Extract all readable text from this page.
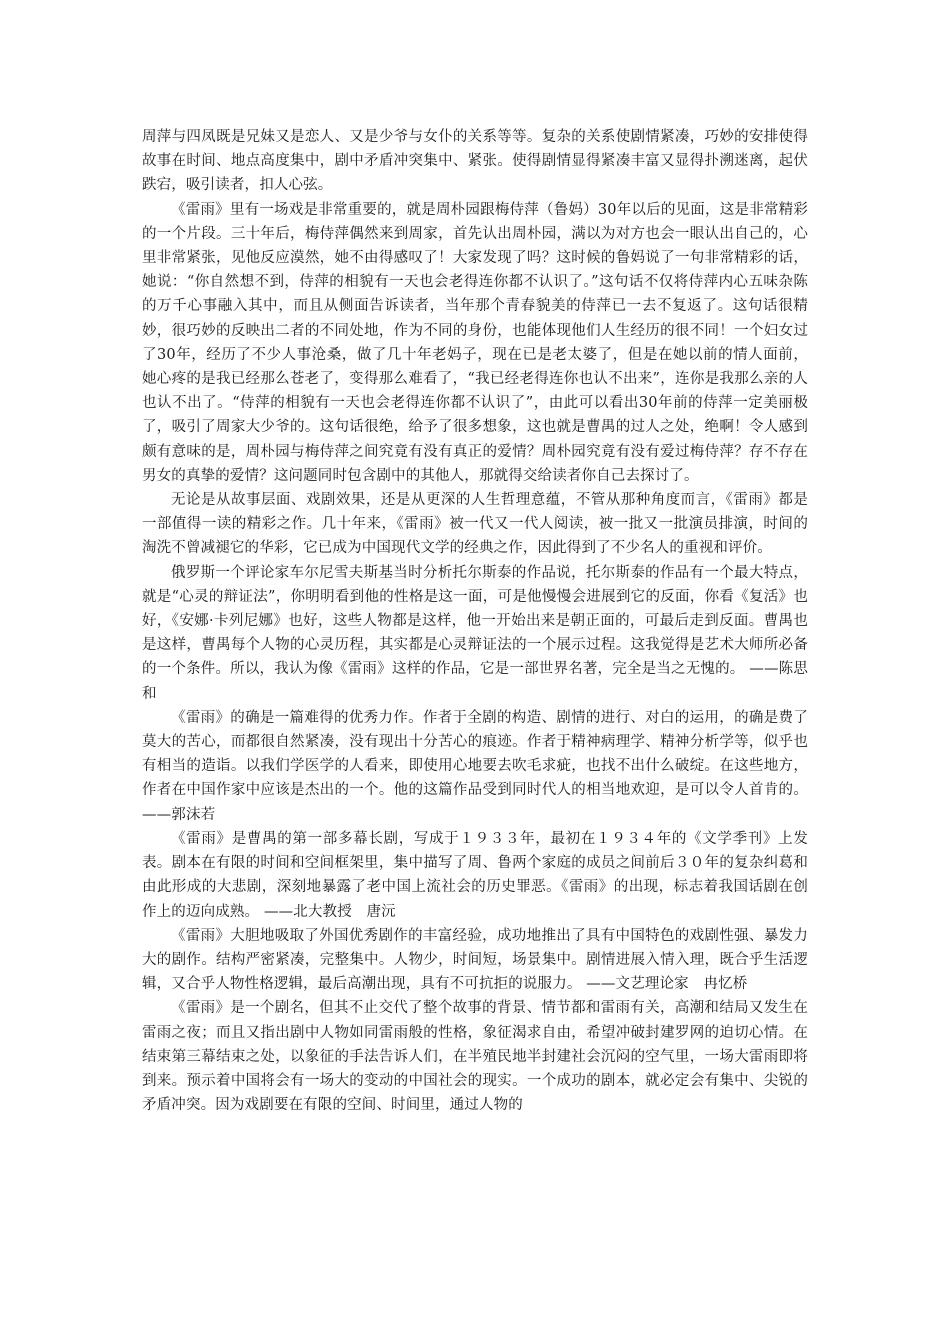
周萍与四凤既是兄妹又是恋人、又是少爷与女仆的关系等等。复杂的关系使剧情紧凑，巧妙的安排使得故事在时间、地点高度集中，剧中矛盾冲突集中、紧张。使得剧情显得紧凑丰富又显得扑溯迷离，起伏跌宕，吸引读者，扣人心弦。

《雷雨》里有一场戏是非常重要的，就是周朴园跟梅侍萍（鲁妈）30年以后的见面，这是非常精彩的一个片段。三十年后，梅侍萍偶然来到周家，首先认出周朴园，满以为对方也会一眼认出自己的，心里非常紧张，见他反应漠然，她不由得感叹了！大家发现了吗？这时候的鲁妈说了一句非常精彩的话，她说：“你自然想不到，侍萍的相貌有一天也会老得连你都不认识了。”这句话不仅将侍萍内心五味杂陈的万千心事融入其中，而且从侧面告诉读者，当年那个青春貌美的侍萍已一去不复返了。这句话很精妙，很巧妙的反映出二者的不同处地，作为不同的身份，也能体现他们人生经历的很不同！一个妇女过了30年，经历了不少人事沧桑，做了几十年老妈子，现在已是老太婆了，但是在她以前的情人面前， 她心疼的是我已经那么苍老了，变得那么难看了，“我已经老得连你也认不出来”，连你是我那么亲的人也认不出了。“侍萍的相貌有一天也会老得连你都不认识了”，由此可以看出30年前的侍萍一定美丽极了，吸引了周家大少爷的。这句话很绝，给予了很多想象，这也就是曹禺的过人之处，绝啊！令人感到颇有意味的是，周朴园与梅侍萍之间究竟有没有真正的爱情？周朴园究竟有没有爱过梅侍萍？存不存在男女的真挚的爱情？这问题同时包含剧中的其他人，那就得交给读者你自己去探讨了。

无论是从故事层面、戏剧效果，还是从更深的人生哲理意蕴，不管从那种角度而言，《雷雨》都是一部值得一读的精彩之作。几十年来，《雷雨》被一代又一代人阅读，被一批又一批演员排演，时间的淘洗不曾减褪它的华彩，它已成为中国现代文学的经典之作，因此得到了不少名人的重视和评价。

俄罗斯一个评论家车尔尼雪夫斯基当时分析托尔斯泰的作品说，托尔斯泰的作品有一个最大特点，就是“心灵的辩证法”，你明明看到他的性格是这一面，可是他慢慢会进展到它的反面，你看《复活》也好，《安娜·卡列尼娜》也好，这些人物都是这样，他一开始出来是朝正面的，可最后走到反面。曹禺也是这样，曹禺每个人物的心灵历程，其实都是心灵辩证法的一个展示过程。这我觉得是艺术大师所必备的一个条件。所以，我认为像《雷雨》这样的作品，它是一部世界名著，完全是当之无愧的。 ——陈思和

《雷雨》的确是一篇难得的优秀力作。作者于全剧的构造、剧情的进行、对白的运用，的确是费了莫大的苦心，而都很自然紧凑，没有现出十分苦心的痕迹。作者于精神病理学、精神分析学等，似乎也有相当的造诣。以我们学医学的人看来，即使用心地要去吹毛求疵，也找不出什么破绽。在这些地方，作者在中国作家中应该是杰出的一个。他的这篇作品受到同时代人的相当地欢迎，是可以令人首肯的。 ——郭沫若

《雷雨》是曹禺的第一部多幕长剧，写成于１９３３年，最初在１９３４年的《文学季刊》上发表。剧本在有限的时间和空间框架里，集中描写了周、鲁两个家庭的成员之间前后３０年的复杂纠葛和由此形成的大悲剧，深刻地暴露了老中国上流社会的历史罪恶。《雷雨》的出现，标志着我国话剧在创作上的迈向成熟。 ——北大教授　唐沅

《雷雨》大胆地吸取了外国优秀剧作的丰富经验，成功地推出了具有中国特色的戏剧性强、暴发力大的剧作。结构严密紧凑，完整集中。人物少，时间短，场景集中。剧情进展入情入理，既合乎生活逻辑，又合乎人物性格逻辑，最后高潮出现，具有不可抗拒的说服力。 ——文艺理论家　冉忆桥

《雷雨》是一个剧名，但其不止交代了整个故事的背景、情节都和雷雨有关，高潮和结局又发生在雷雨之夜；而且又指出剧中人物如同雷雨般的性格，象征渴求自由，希望冲破封建罗网的迫切心情。在结束第三幕结束之处，以象征的手法告诉人们，在半殖民地半封建社会沉闷的空气里，一场大雷雨即将到来。预示着中国将会有一场大的变动的中国社会的现实。一个成功的剧本，就必定会有集中、尖锐的矛盾冲突。因为戏剧要在有限的空间、时间里，通过人物的
